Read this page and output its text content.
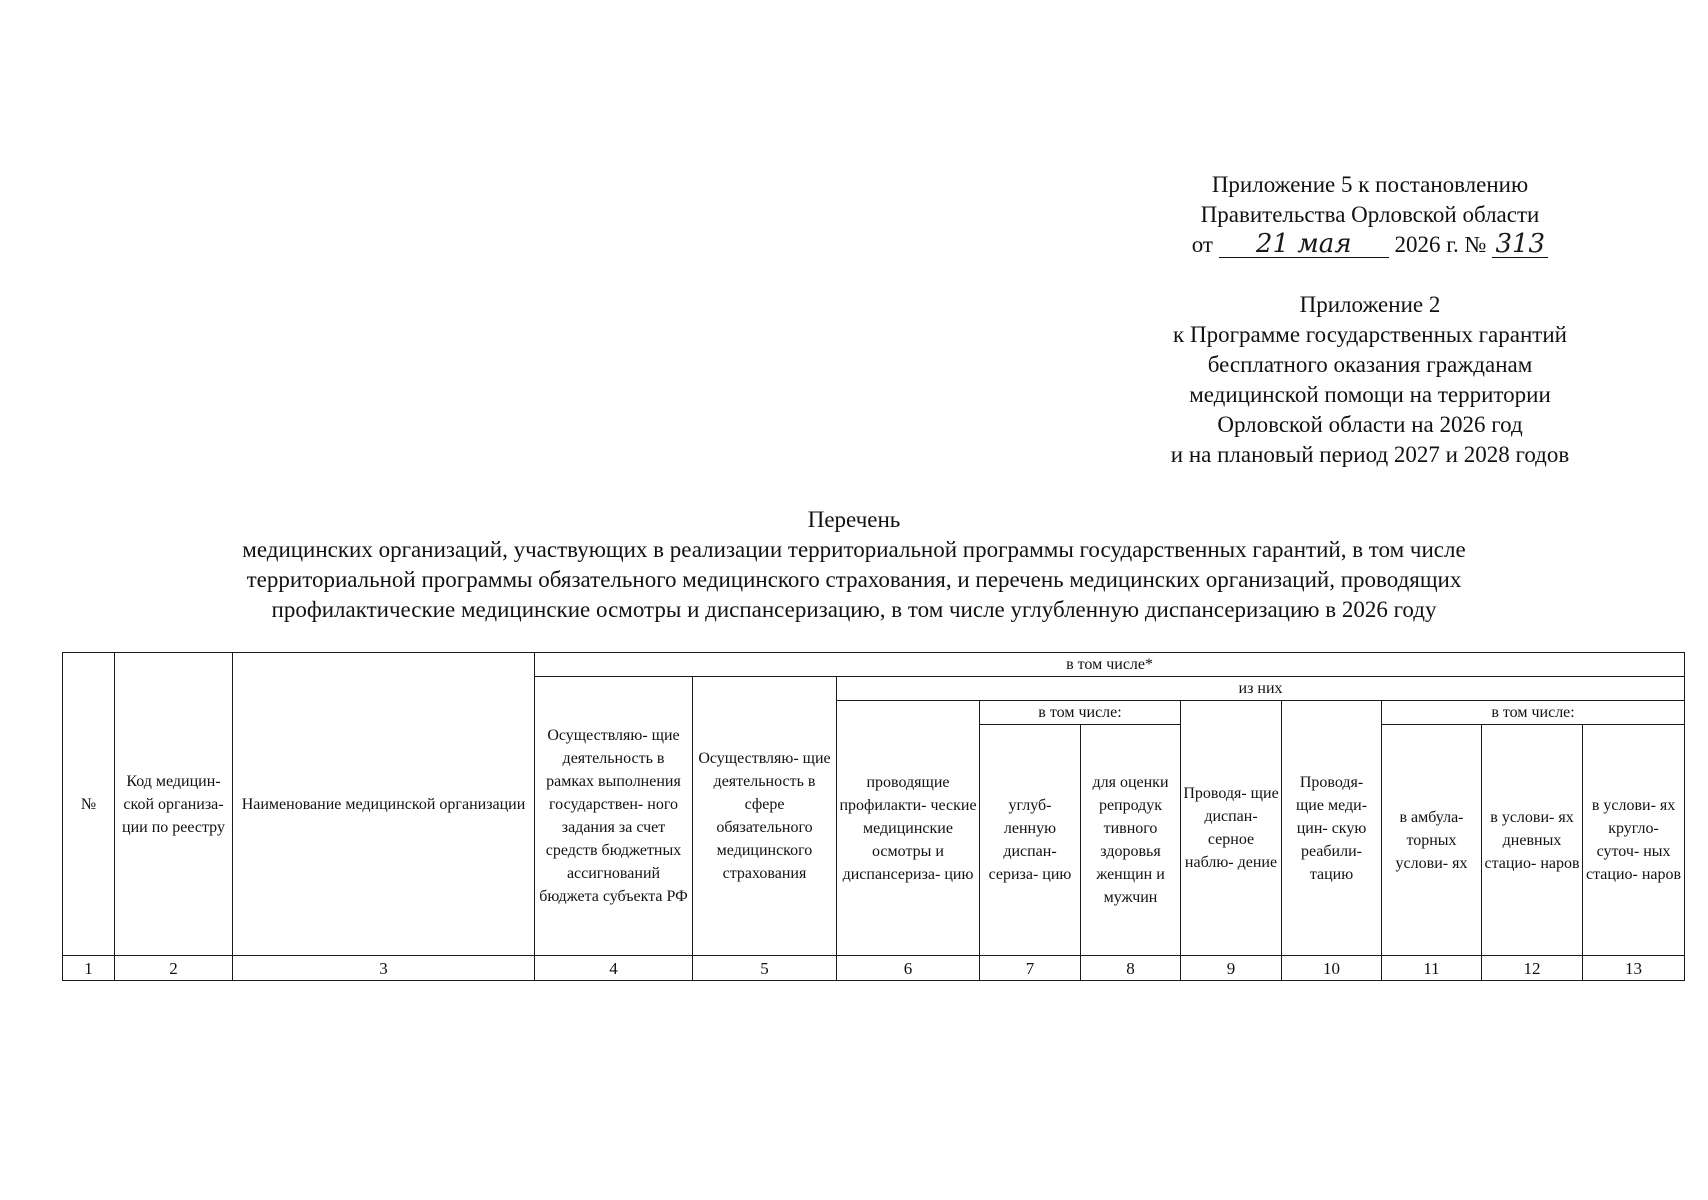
Приложение 5 к постановлению
Правительства Орловской области
от 21 мая 2026 г. № 313
Приложение 2
к Программе государственных гарантий
бесплатного оказания гражданам
медицинской помощи на территории
Орловской области на 2026 год
и на плановый период 2027 и 2028 годов
Перечень
медицинских организаций, участвующих в реализации территориальной программы государственных гарантий, в том числе
территориальной программы обязательного медицинского страхования, и перечень медицинских организаций, проводящих
профилактические медицинские осмотры и диспансеризацию, в том числе углубленную диспансеризацию в 2026 году
№	Код медицин- ской организа- ции по реестру	Наименование медицинской организации	в том числе*									
			Осуществляю- щие деятельность в рамках выполнения государствен- ного задания за счет средств бюджетных ассигнований бюджета субъекта РФ	Осуществляю- щие деятельность в сфере обязательного медицинского страхования	из них							
					проводящие профилакти- ческие медицинские осмотры и диспансериза- цию	в том числе:		Проводя- щие диспан- серное наблю- дение	Проводя- щие меди- цин- скую реабили- тацию	в том числе:		
						углуб- ленную диспан- сериза- цию	для оценки репродук тивного здоровья женщин и мужчин			в амбула- торных услови- ях	в услови- ях дневных стацио- наров	в услови- ях кругло- суточ- ных стацио- наров
1	2	3	4	5	6	7	8	9	10	11	12	13
